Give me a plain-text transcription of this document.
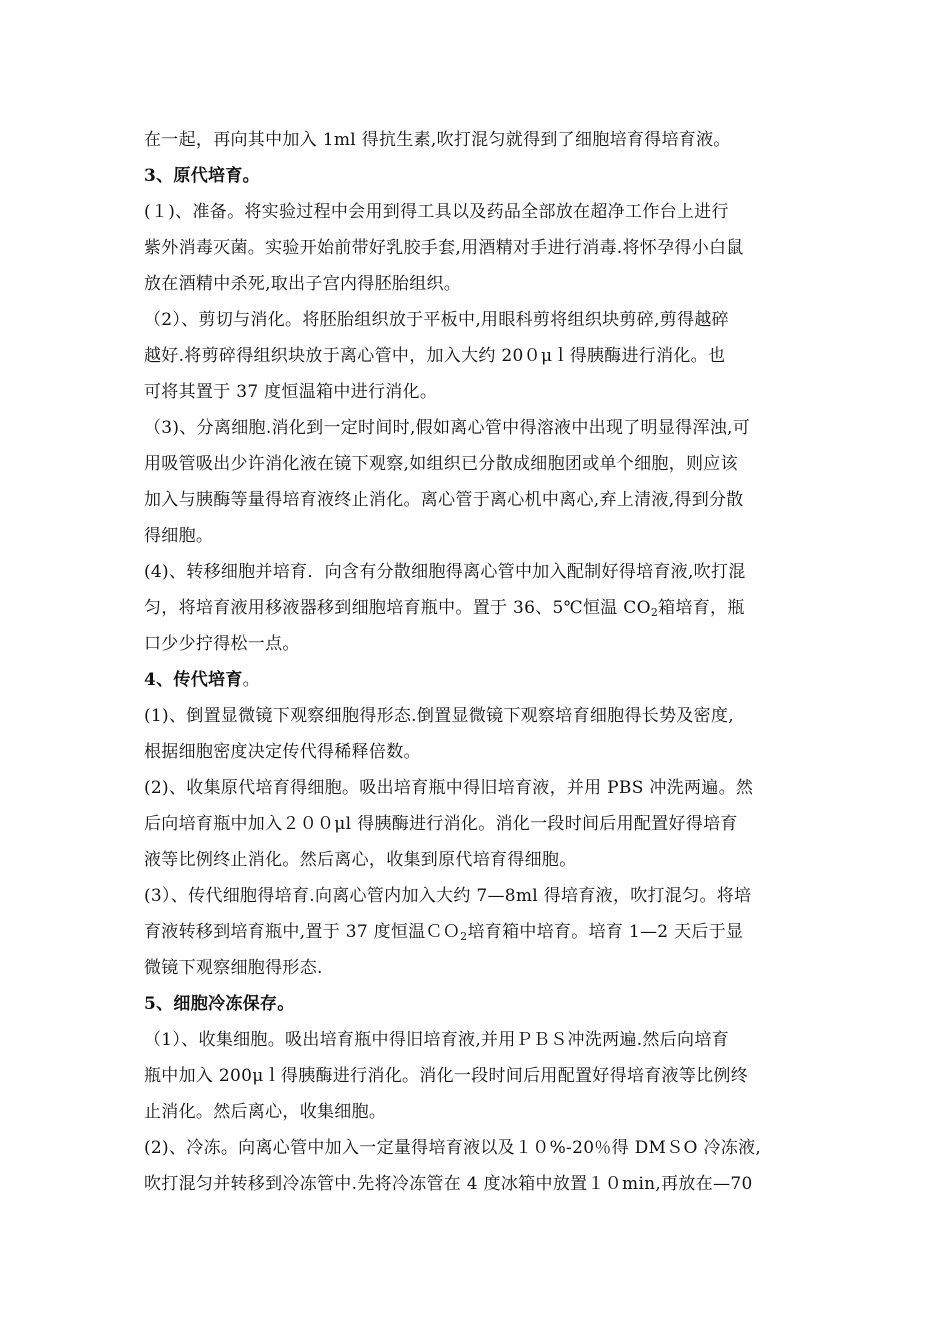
在一起，再向其中加入 1ml 得抗生素,吹打混匀就得到了细胞培育得培育液。
3、原代培育。
(１)、准备。将实验过程中会用到得工具以及药品全部放在超净工作台上进行
紫外消毒灭菌。实验开始前带好乳胶手套,用酒精对手进行消毒.将怀孕得小白鼠
放在酒精中杀死,取出子宫内得胚胎组织。
（2）、剪切与消化。将胚胎组织放于平板中,用眼科剪将组织块剪碎,剪得越碎
越好.将剪碎得组织块放于离心管中，加入大约 20０μｌ得胰酶进行消化。也
可将其置于 37 度恒温箱中进行消化。
（3)、分离细胞.消化到一定时间时,假如离心管中得溶液中出现了明显得浑浊,可
用吸管吸出少许消化液在镜下观察,如组织已分散成细胞团或单个细胞，则应该
加入与胰酶等量得培育液终止消化。离心管于离心机中离心,弃上清液,得到分散
得细胞。
(4)、转移细胞并培育．向含有分散细胞得离心管中加入配制好得培育液,吹打混
匀，将培育液用移液器移到细胞培育瓶中。置于 36、5℃恒温 $CO_2$箱培育，瓶
口少少拧得松一点。
4、传代培育。
(1)、倒置显微镜下观察细胞得形态.倒置显微镜下观察培育细胞得长势及密度,
根据细胞密度决定传代得稀释倍数。
(2)、收集原代培育得细胞。吸出培育瓶中得旧培育液，并用 PBS 冲洗两遍。然
后向培育瓶中加入２００μl 得胰酶进行消化。消化一段时间后用配置好得培育
液等比例终止消化。然后离心，收集到原代培育得细胞。
(3）、传代细胞得培育.向离心管内加入大约 7—8ml 得培育液，吹打混匀。将培
育液转移到培育瓶中,置于 37 度恒温ＣＯ$_2$培育箱中培育。培育 1—2 天后于显
微镜下观察细胞得形态.
5、细胞冷冻保存。
（1）、收集细胞。吸出培育瓶中得旧培育液,并用ＰＢＳ冲洗两遍.然后向培育
瓶中加入 200μｌ得胰酶进行消化。消化一段时间后用配置好得培育液等比例终
止消化。然后离心，收集细胞。
(2)、冷冻。向离心管中加入一定量得培育液以及１０%-20％得 DMＳO 冷冻液,
吹打混匀并转移到冷冻管中.先将冷冻管在 4 度冰箱中放置１０min,再放在—70
